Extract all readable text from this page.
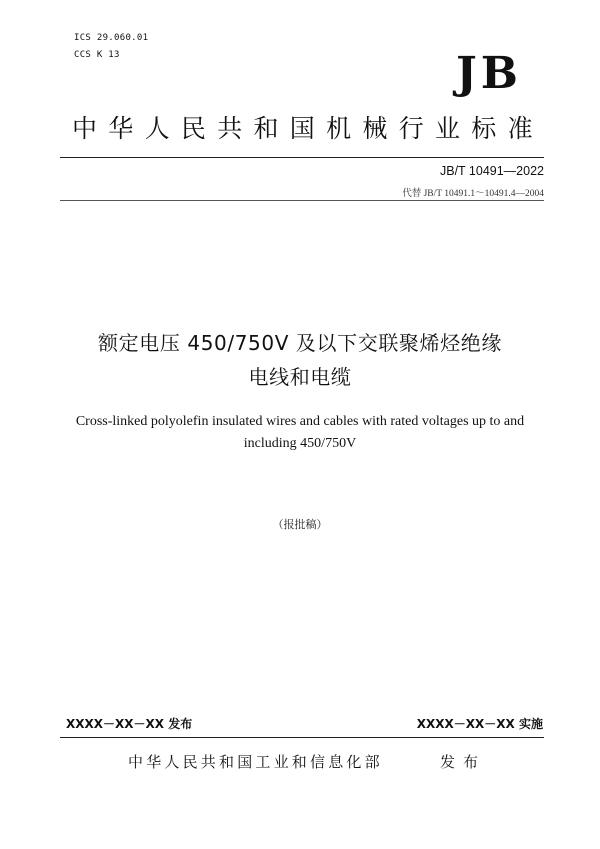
ICS 29.060.01
CCS K 13	JB
中华人民共和国机械行业标准
JB/T 10491—2022
代替 JB/T 10491.1～10491.4—2004
额定电压 450/750V 及以下交联聚烯烃绝缘
电线和电缆
Cross-linked polyolefin insulated wires and cables with rated voltages up to and
including 450/750V
（报批稿）
XXXX－XX－XX 发布	XXXX－XX－XX 实施
中华人民共和国工业和信息化部	发布
